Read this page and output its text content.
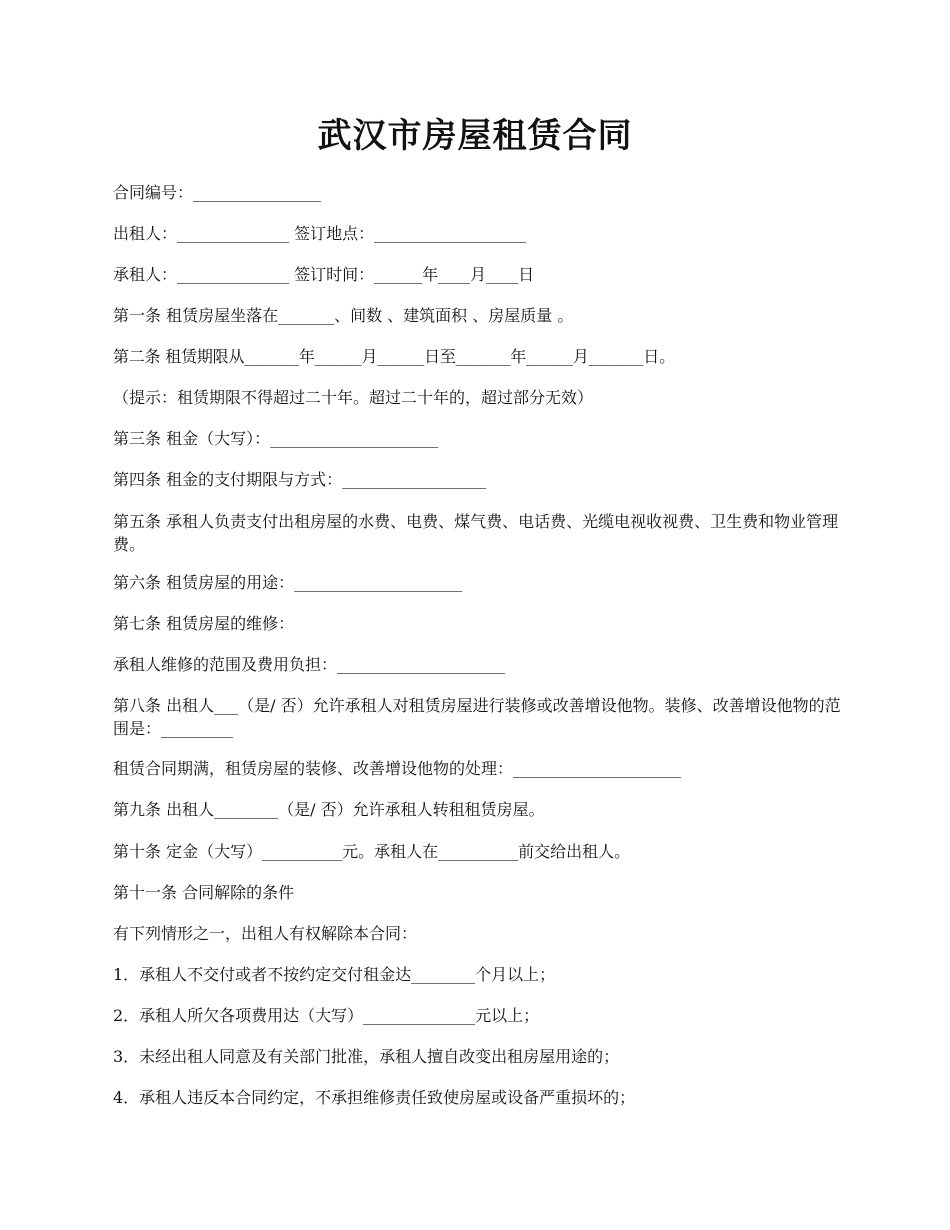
武汉市房屋租赁合同
合同编号：________________
出租人：______________ 签订地点：___________________
承租人：______________ 签订时间：______年____月____日
第一条 租赁房屋坐落在_______、间数 、建筑面积 、房屋质量 。
第二条 租赁期限从_______年______月______日至_______年______月_______日。
（提示：租赁期限不得超过二十年。超过二十年的，超过部分无效）
第三条 租金（大写）：_____________________
第四条 租金的支付期限与方式：__________________
第五条 承租人负责支付出租房屋的水费、电费、煤气费、电话费、光缆电视收视费、卫生费和物业管理费。
第六条 租赁房屋的用途：_____________________
第七条 租赁房屋的维修：
承租人维修的范围及费用负担：_____________________
第八条 出租人___（是/ 否）允许承租人对租赁房屋进行装修或改善增设他物。装修、改善增设他物的范围是：_________
租赁合同期满，租赁房屋的装修、改善增设他物的处理：_____________________
第九条 出租人________（是/ 否）允许承租人转租租赁房屋。
第十条 定金（大写）__________元。承租人在__________前交给出租人。
第十一条 合同解除的条件
有下列情形之一，出租人有权解除本合同：
1．承租人不交付或者不按约定交付租金达________个月以上；
2．承租人所欠各项费用达（大写）______________元以上；
3．未经出租人同意及有关部门批准，承租人擅自改变出租房屋用途的；
4．承租人违反本合同约定，不承担维修责任致使房屋或设备严重损坏的；
